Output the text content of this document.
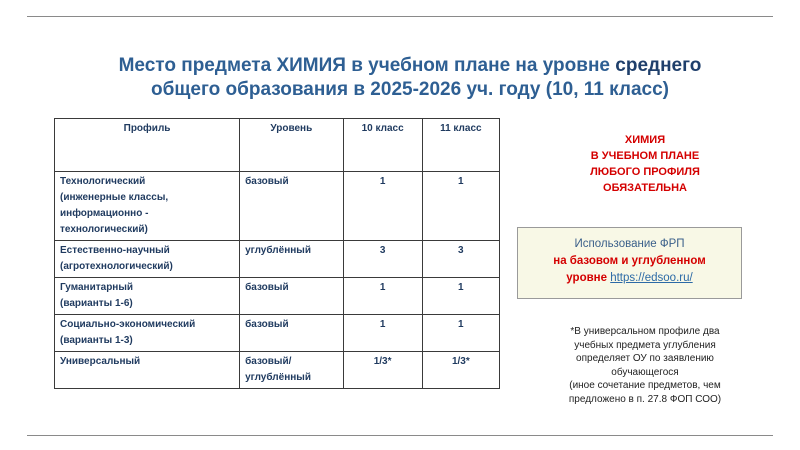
Место предмета ХИМИЯ в учебном плане на уровне среднего
общего образования в 2025-2026 уч. году (10, 11 класс)
Профиль	Уровень	10 класс	11 класс

Технологический
(инженерные классы,
информационно -
технологический)	базовый	1	1

Естественно-научный
(агротехнологический)	углублённый	3	3

Гуманитарный
(варианты 1-6)	базовый	1	1

Социально-экономический
(варианты 1-3)	базовый	1	1

Универсальный	базовый/
углублённый	1/3*	1/3*
ХИМИЯ
В УЧЕБНОМ ПЛАНЕ
ЛЮБОГО ПРОФИЛЯ
ОБЯЗАТЕЛЬНА
Использование ФРП
на базовом и углубленном
уровне https://edsoo.ru/
*В универсальном профиле два
учебных предмета углубления
определяет ОУ по заявлению
обучающегося
(иное сочетание предметов, чем
предложено в п. 27.8 ФОП СОО)
